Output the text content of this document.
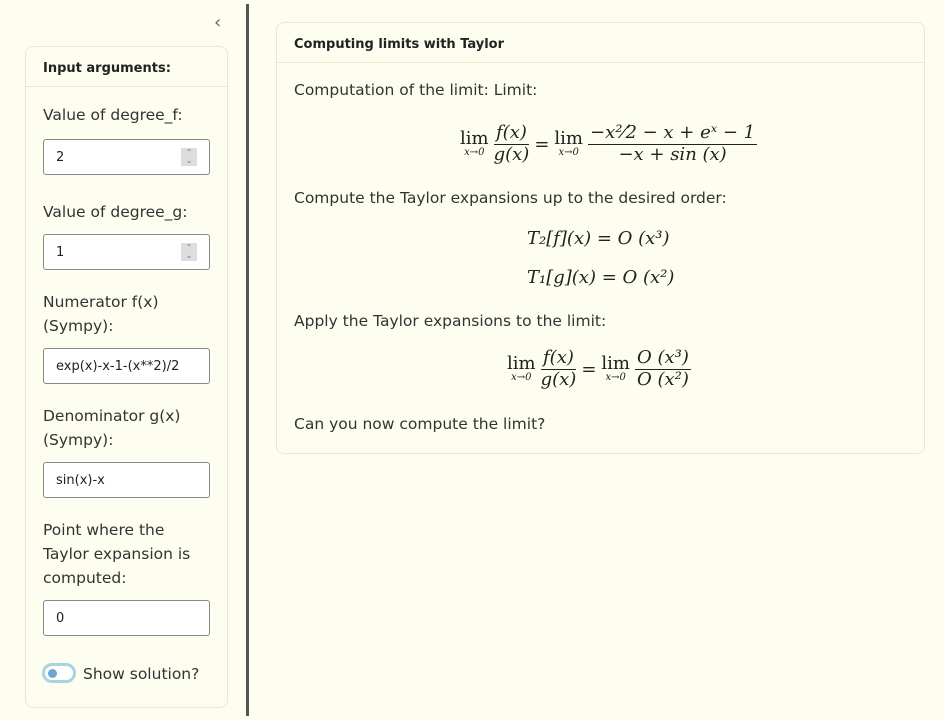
‹
Input arguments:
Value of degree_f:
2	⌃
⌄
Value of degree_g:
1	⌃
⌄
Numerator f(x)
(Sympy):
exp(x)-x-1-(x**2)/2
Denominator g(x)
(Sympy):
sin(x)-x
Point where the
Taylor expansion is
computed:
0
Show solution?
Computing limits with Taylor
Computation of the limit: Limit:
lim
$x\to 0 \frac{f(x)}{g(x)} = \lim$
$x\to 0 \frac{\text{−x²⁄2 − x + eˣ − 1}}{-x + \sin (x)}$
Compute the Taylor expansions up to the desired order:
T₂[f](x) = O (x³)
T₁[g](x) = O (x²)
Apply the Taylor expansions to the limit:
lim
$x\to 0 \frac{f(x)}{g(x)} = \lim$
$x\to 0 \frac{\text{O (x³)}}{\text{O (x²)}}$
Can you now compute the limit?
